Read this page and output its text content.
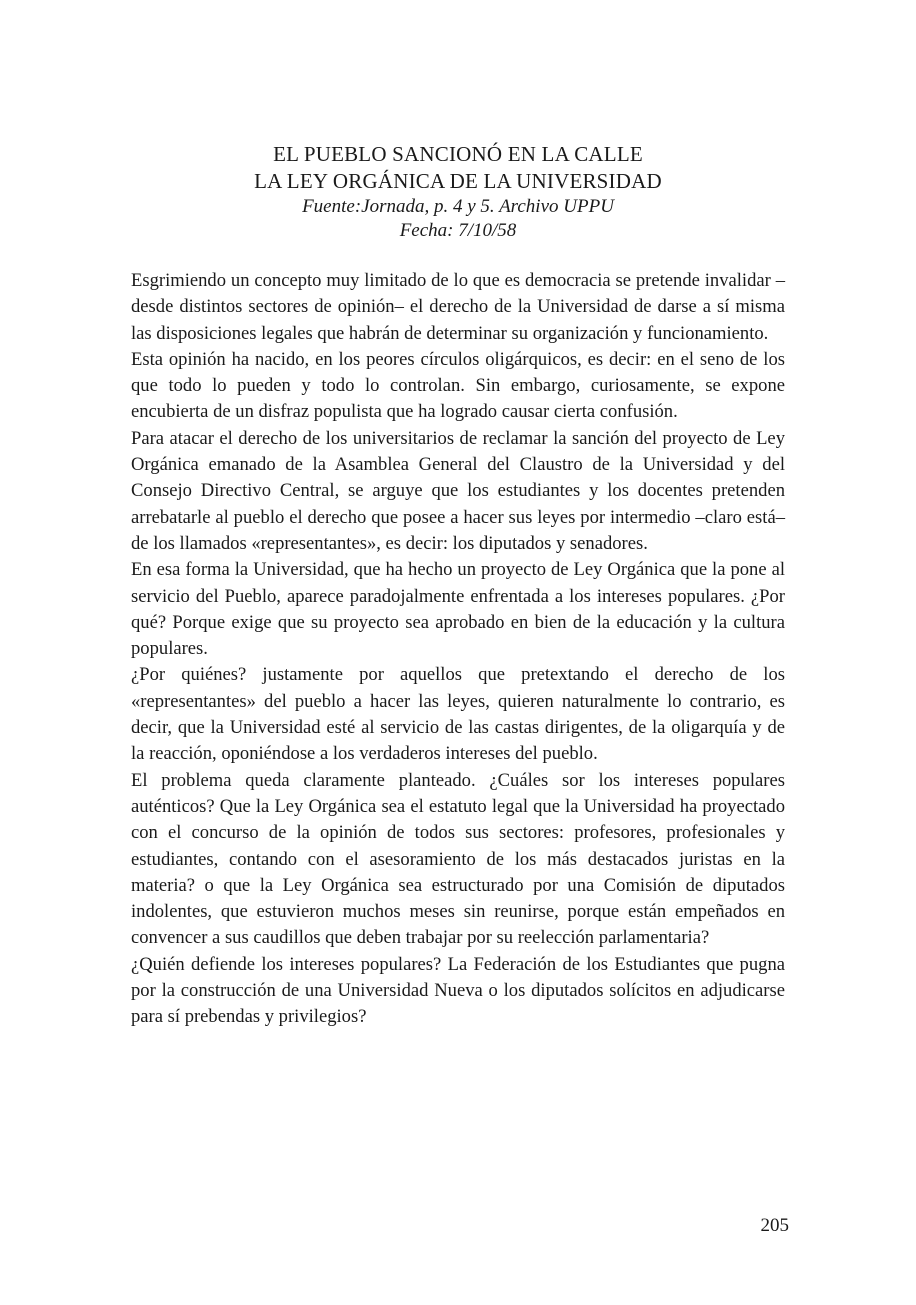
EL PUEBLO SANCIONÓ EN LA CALLE
LA LEY ORGÁNICA DE LA UNIVERSIDAD
Fuente:Jornada, p. 4 y 5. Archivo UPPU
Fecha: 7/10/58

Esgrimiendo un concepto muy limitado de lo que es democracia se pretende invalidar –desde distintos sectores de opinión– el derecho de la Universidad de darse a sí misma las disposiciones legales que habrán de determinar su organización y funcionamiento.

Esta opinión ha nacido, en los peores círculos oligárquicos, es decir: en el seno de los que todo lo pueden y todo lo controlan. Sin embargo, curiosamente, se expone encubierta de un disfraz populista que ha logrado causar cierta confusión.

Para atacar el derecho de los universitarios de reclamar la sanción del proyecto de Ley Orgánica emanado de la Asamblea General del Claustro de la Universidad y del Consejo Directivo Central, se arguye que los estudiantes y los docentes pretenden arrebatarle al pueblo el derecho que posee a hacer sus leyes por intermedio –claro está– de los llamados «representantes», es decir: los diputados y senadores.

En esa forma la Universidad, que ha hecho un proyecto de Ley Orgánica que la pone al servicio del Pueblo, aparece paradojalmente enfrentada a los intereses populares. ¿Por qué? Porque exige que su proyecto sea aprobado en bien de la educación y la cultura populares.

¿Por quiénes? justamente por aquellos que pretextando el derecho de los «representantes» del pueblo a hacer las leyes, quieren naturalmente lo contrario, es decir, que la Universidad esté al servicio de las castas dirigentes, de la oligarquía y de la reacción, oponiéndose a los verdaderos intereses del pueblo.

El problema queda claramente planteado. ¿Cuáles sor los intereses populares auténticos? Que la Ley Orgánica sea el estatuto legal que la Universidad ha proyectado con el concurso de la opinión de todos sus sectores: profesores, profesionales y estudiantes, contando con el asesoramiento de los más destacados juristas en la materia? o que la Ley Orgánica sea estructurado por una Comisión de diputados indolentes, que estuvieron muchos meses sin reunirse, porque están empeñados en convencer a sus caudillos que deben trabajar por su reelección parlamentaria?

¿Quién defiende los intereses populares? La Federación de los Estudiantes que pugna por la construcción de una Universidad Nueva o los diputados solícitos en adjudicarse para sí prebendas y privilegios?

205
